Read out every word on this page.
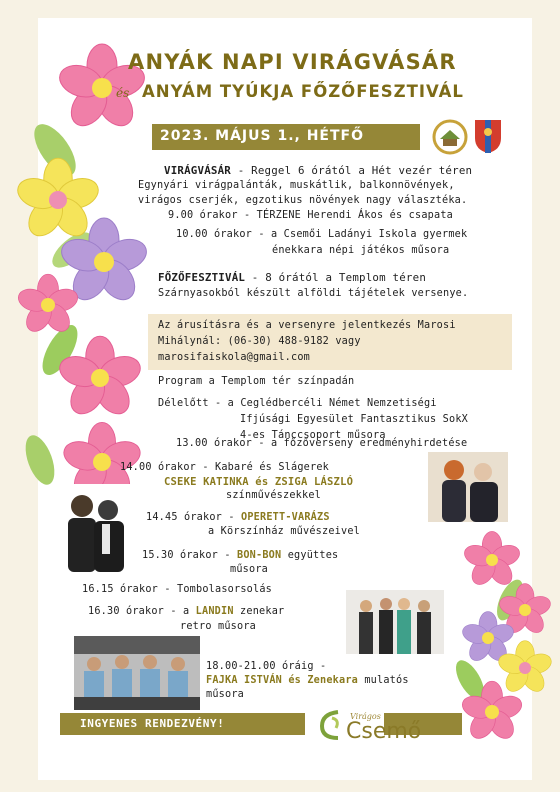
ANYÁK NAPI VIRÁGVÁSÁR
és ANYÁM TYÚKJA FŐZŐFESZTIVÁL
2023. MÁJUS 1., HÉTFŐ
VIRÁGVÁSÁR - Reggel 6 órától a Hét vezér téren
Egynyári virágpalánták, muskátlik, balkonnövények,
virágos cserjék, egzotikus növények nagy választéka.
9.00 órakor - TÉRZENE Herendi Ákos és csapata
10.00 órakor - a Csemői Ladányi Iskola gyermek
énekkara népi játékos műsora
FŐZŐFESZTIVÁL - 8 órától a Templom téren
Szárnyasokból készült alföldi tájételek versenye.
Az árusításra és a versenyre jelentkezés Marosi
Mihálynál: (06-30) 488-9182 vagy
marosifaiskola@gmail.com
Program a Templom tér színpadán
Délelőtt - a Ceglédbercéli Német Nemzetiségi
Ifjúsági Egyesület Fantasztikus SokX
4-es Tánccsoport műsora
13.00 órakor - a főzőverseny eredményhirdetése
14.00 órakor - Kabaré és Slágerek
CSEKE KATINKA és ZSIGA LÁSZLÓ
színművészekkel
14.45 órakor - OPERETT-VARÁZS
a Körszínház művészeivel
15.30 órakor - BON-BON együttes
műsora
16.15 órakor - Tombolasorsolás
16.30 órakor - a LANDIN zenekar
retro műsora
18.00-21.00 óráig -
FAJKA ISTVÁN és Zenekara mulatós
műsora
INGYENES RENDEZVÉNY!
Virágos
Csemő
